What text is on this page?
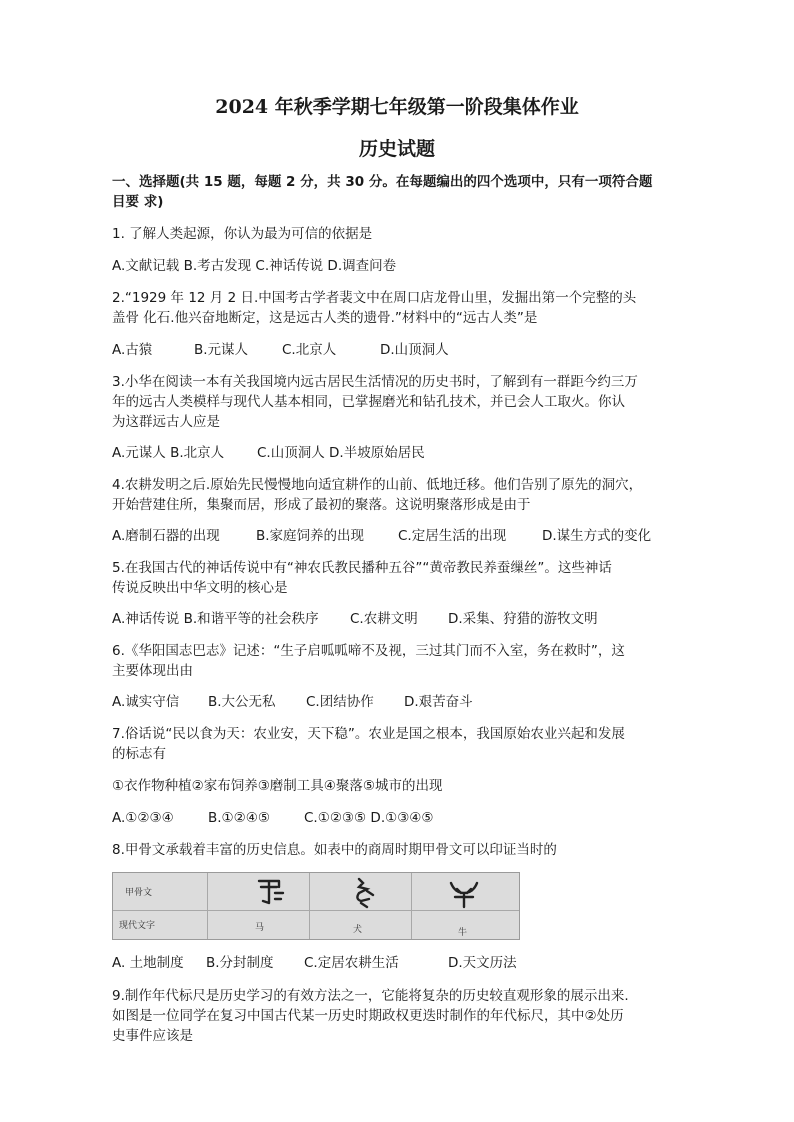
2024 年秋季学期七年级第一阶段集体作业
历史试题
一、选择题(共 15 题，每题 2 分，共 30 分。在每题编出的四个选项中，只有一项符合题
目要 求)
1. 了解人类起源，你认为最为可信的依据是
A.文献记载 B.考古发现 C.神话传说 D.调查问卷
2.“1929 年 12 月 2 日.中国考古学者裴文中在周口店龙骨山里，发掘出第一个完整的头
盖骨 化石.他兴奋地断定，这是远古人类的遗骨.”材料中的“远古人类”是
A.古猿	B.元谋人	C.北京人	D.山顶洞人
3.小华在阅读一本有关我国境内远古居民生活情况的历史书时，了解到有一群距今约三万
年的远古人类模样与现代人基本相同，已掌握磨光和钻孔技术，并已会人工取火。你认
为这群远古人应是
A.元谋人 B.北京人 C.山顶洞人 D.半坡原始居民
4.农耕发明之后.原始先民慢慢地向适宜耕作的山前、低地迁移。他们告别了原先的洞穴，
开始营建住所，集聚而居，形成了最初的聚落。这说明聚落形成是由于
A.磨制石器的出现	B.家庭饲养的出现	C.定居生活的出现	D.谋生方式的变化
5.在我国古代的神话传说中有“神农氏教民播种五谷”“黄帝教民养蚕缫丝”。这些神话
传说反映出中华文明的核心是
A.神话传说 B.和谐平等的社会秩序 C.农耕文明 D.采集、狩猎的游牧文明
6.《华阳国志巴志》记述：“生子启呱呱啼不及视，三过其门而不入室，务在救时”，这
主要体现出由
A.诚实守信 B.大公无私 C.团结协作 D.艰苦奋斗
7.俗话说“民以食为天：农业安，天下稳”。农业是国之根本，我国原始农业兴起和发展
的标志有
①衣作物种植②家布饲养③磨制工具④聚落⑤城市的出现
A.①②③④	B.①②④⑤	C.①②③⑤ D.①③④⑤
8.甲骨文承载着丰富的历史信息。如表中的商周时期甲骨文可以印证当时的
甲骨文
现代文字	马	犬	牛
A. 土地制度 B.分封制度 C.定居农耕生活	D.天文历法
9.制作年代标尺是历史学习的有效方法之一，它能将复杂的历史较直观形象的展示出来.
如图是一位同学在复习中国古代某一历史时期政权更迭时制作的年代标尺，其中②处历
史事件应该是
